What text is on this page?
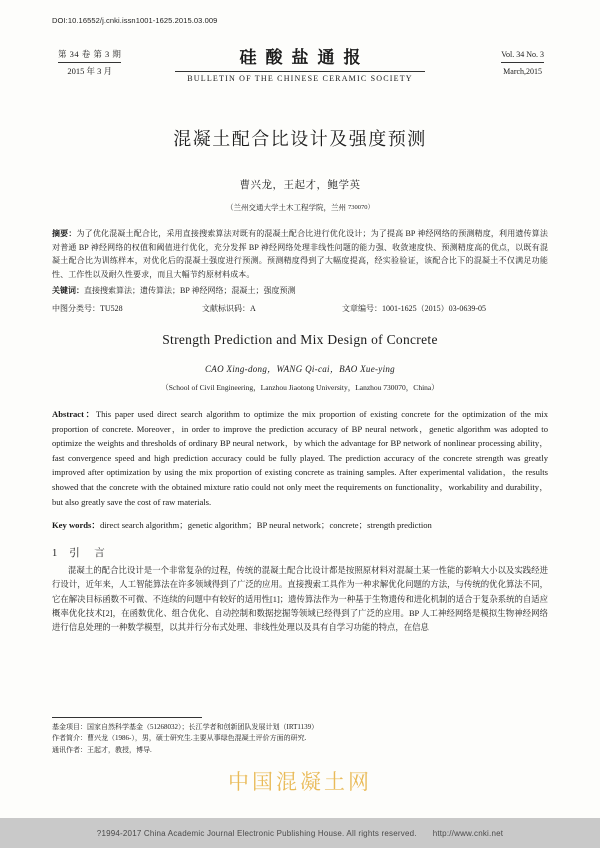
DOI:10.16552/j.cnki.issn1001-1625.2015.03.009
第 34 卷 第 3 期
2015 年 3 月
硅酸盐通报
BULLETIN OF THE CHINESE CERAMIC SOCIETY
Vol. 34 No. 3
March,2015
混凝土配合比设计及强度预测
曹兴龙，王起才，鲍学英
（兰州交通大学土木工程学院，兰州 730070）

摘要：为了优化混凝土配合比，采用直接搜索算法对既有的混凝土配合比进行优化设计；为了提高 BP 神经网络的预测精度，利用遗传算法对普通 BP 神经网络的权值和阈值进行优化，充分发挥 BP 神经网络处理非线性问题的能力强、收敛速度快、预测精度高的优点，以既有混凝土配合比为训练样本，对优化后的混凝土强度进行预测。预测精度得到了大幅度提高，经实验验证，该配合比下的混凝土不仅满足功能性、工作性以及耐久性要求，而且大幅节约原材料成本。

关键词：直接搜索算法；遗传算法；BP 神经网络；混凝土；强度预测
中图分类号：TU528	文献标识码：A	文章编号：1001-1625（2015）03-0639-05
Strength Prediction and Mix Design of Concrete
CAO Xing-dong，WANG Qi-cai，BAO Xue-ying
（School of Civil Engineering，Lanzhou Jiaotong University，Lanzhou 730070，China）

Abstract：This paper used direct search algorithm to optimize the mix proportion of existing concrete for the optimization of the mix proportion of concrete. Moreover，in order to improve the prediction accuracy of BP neural network，genetic algorithm was adopted to optimize the weights and thresholds of ordinary BP neural network，by which the advantage for BP network of nonlinear processing ability，fast convergence speed and high prediction accuracy could be fully played. The prediction accuracy of the concrete strength was greatly improved after optimization by using the mix proportion of existing concrete as training samples. After experimental validation，the results showed that the concrete with the obtained mixture ratio could not only meet the requirements on functionality，workability and durability，but also greatly save the cost of raw materials.

Key words：direct search algorithm；genetic algorithm；BP neural network；concrete；strength prediction
1 引　言
混凝土的配合比设计是一个非常复杂的过程，传统的混凝土配合比设计都是按照原材料对混凝土某一性能的影响大小以及实践经进行设计，近年来，人工智能算法在许多领域得到了广泛的应用。直接搜索工具作为一种求解优化问题的方法，与传统的优化算法不同，它在解决目标函数不可微、不连续的问题中有较好的适用性[1]；遗传算法作为一种基于生物遗传和进化机制的适合于复杂系统的自适应概率优化技术[2]，在函数优化、组合优化、自动控制和数据挖掘等领域已经得到了广泛的应用。BP 人工神经网络是模拟生物神经网络进行信息处理的一种数学模型，以其并行分布式处理、非线性处理以及具有自学习功能的特点，在信息
基金项目：国家自然科学基金（51268032）；长江学者和创新团队发展计划（IRT1139）
作者简介：曹兴龙（1986-），男，硕士研究生.主要从事绿色混凝土评价方面的研究.
通讯作者：王起才，教授，博导.
中国混凝土网
?1994-2017 China Academic Journal Electronic Publishing House. All rights reserved. http://www.cnki.net
